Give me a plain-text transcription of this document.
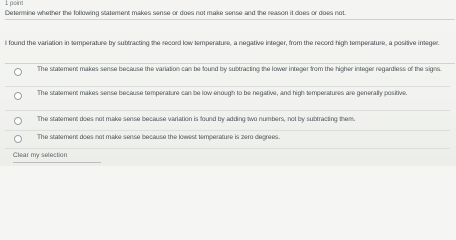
1 point
Determine whether the following statement makes sense or does not make sense and the reason it does or does not.
I found the variation in temperature by subtracting the record low temperature, a negative integer, from the record high temperature, a positive integer.
The statement makes sense because the variation can be found by subtracting the lower integer from the higher integer regardless of the signs.
The statement makes sense because temperature can be low enough to be negative, and high temperatures are generally positive.
The statement does not make sense because variation is found by adding two numbers, not by subtracting them.
The statement does not make sense because the lowest temperature is zero degrees.
Clear my selection
